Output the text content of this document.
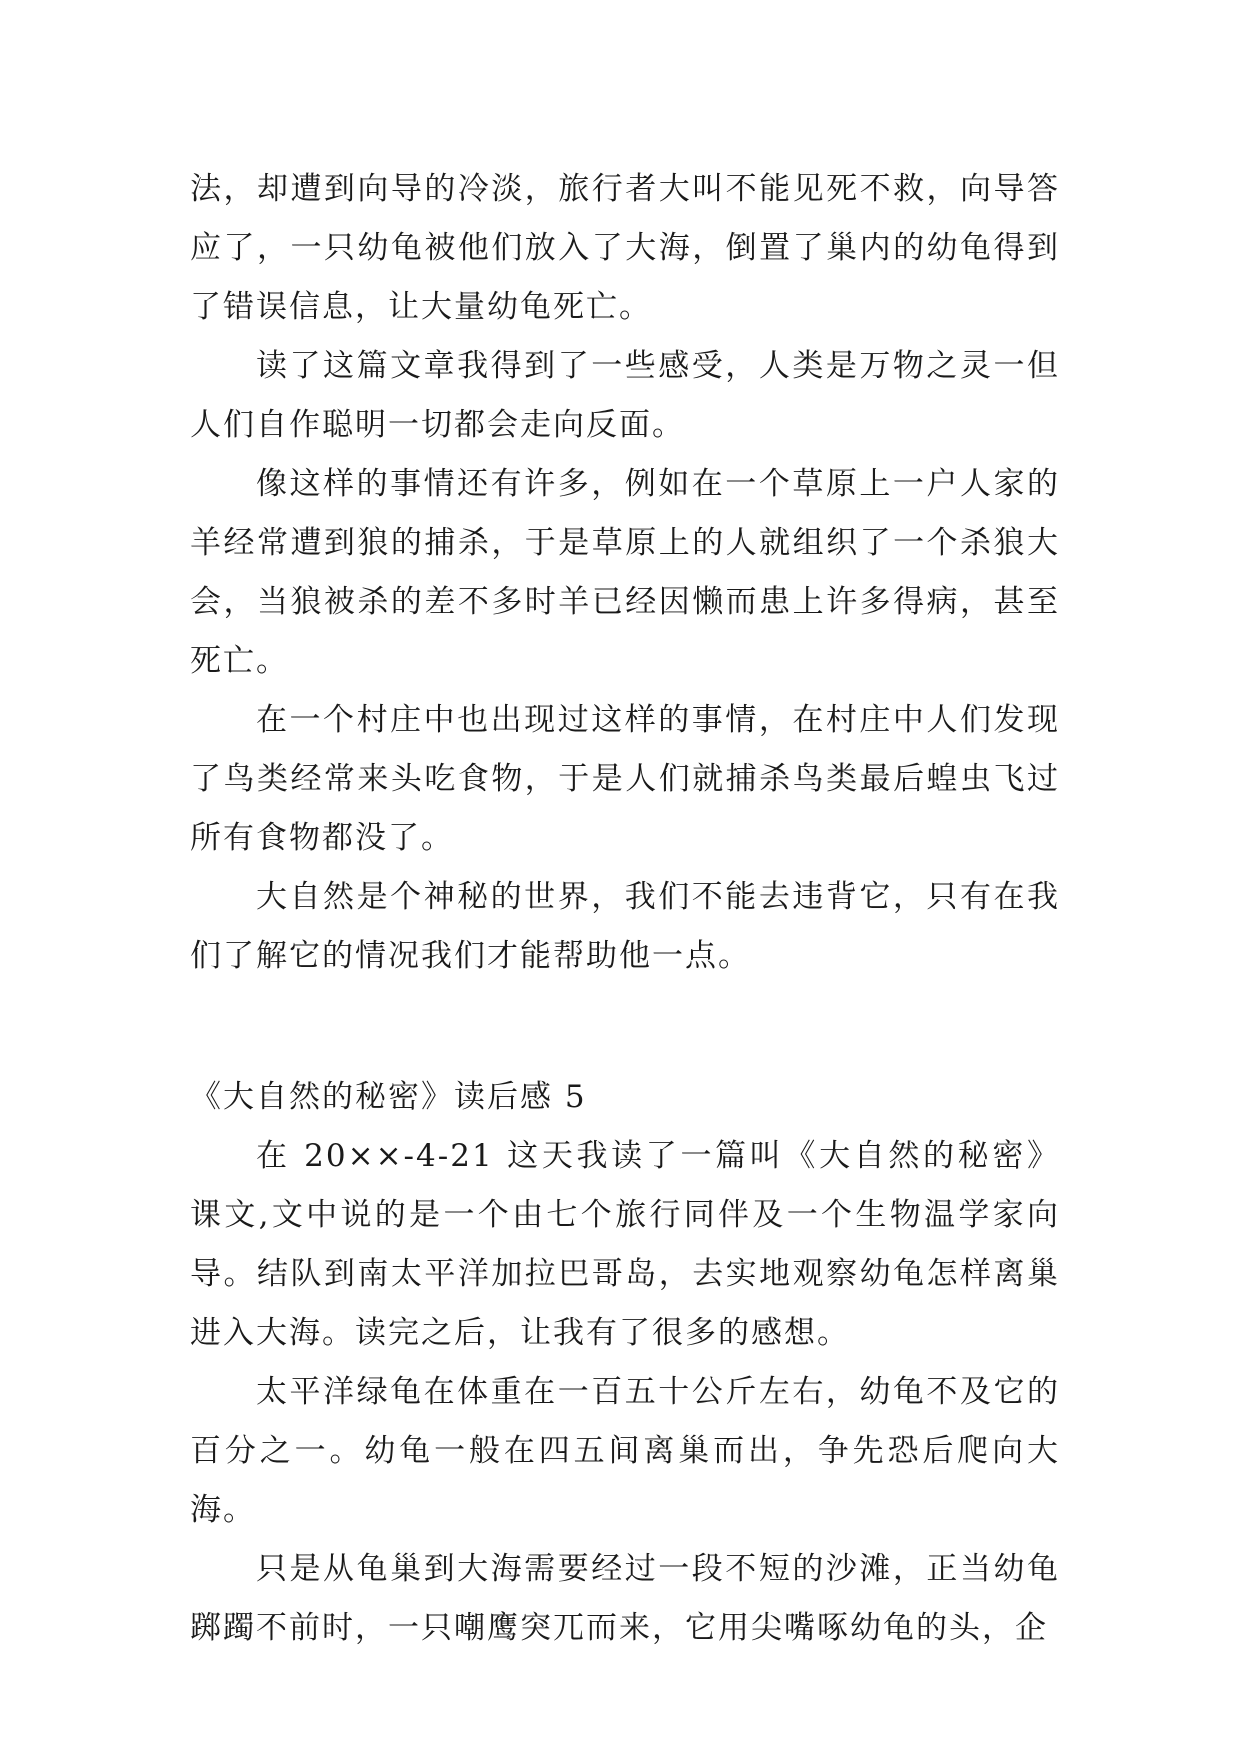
法，却遭到向导的冷淡，旅行者大叫不能见死不救，向导答应了，一只幼龟被他们放入了大海，倒置了巢内的幼龟得到了错误信息，让大量幼龟死亡。

读了这篇文章我得到了一些感受，人类是万物之灵一但人们自作聪明一切都会走向反面。

像这样的事情还有许多，例如在一个草原上一户人家的羊经常遭到狼的捕杀，于是草原上的人就组织了一个杀狼大会，当狼被杀的差不多时羊已经因懒而患上许多得病，甚至死亡。

在一个村庄中也出现过这样的事情，在村庄中人们发现了鸟类经常来头吃食物，于是人们就捕杀鸟类最后蝗虫飞过所有食物都没了。

大自然是个神秘的世界，我们不能去违背它，只有在我们了解它的情况我们才能帮助他一点。

《大自然的秘密》读后感 5

在 20××-4-21 这天我读了一篇叫《大自然的秘密》课文,文中说的是一个由七个旅行同伴及一个生物温学家向导。结队到南太平洋加拉巴哥岛，去实地观察幼龟怎样离巢进入大海。读完之后，让我有了很多的感想。

太平洋绿龟在体重在一百五十公斤左右，幼龟不及它的百分之一。幼龟一般在四五间离巢而出，争先恐后爬向大海。

只是从龟巢到大海需要经过一段不短的沙滩，正当幼龟踯躅不前时，一只嘲鹰突兀而来，它用尖嘴啄幼龟的头，企
